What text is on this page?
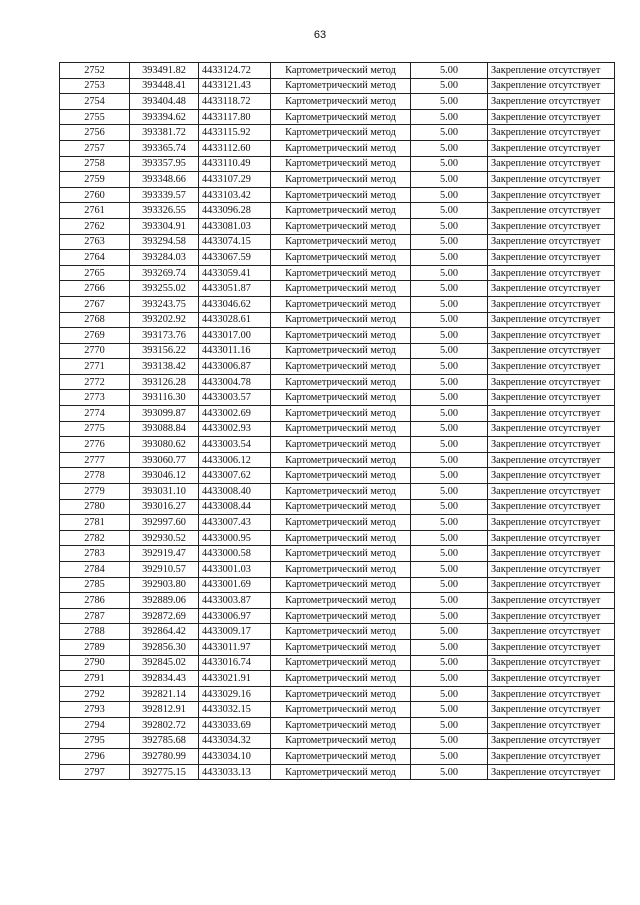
63
2752	393491.82	4433124.72	Картометрический метод	5.00	Закрепление отсутствует
2753	393448.41	4433121.43	Картометрический метод	5.00	Закрепление отсутствует
2754	393404.48	4433118.72	Картометрический метод	5.00	Закрепление отсутствует
2755	393394.62	4433117.80	Картометрический метод	5.00	Закрепление отсутствует
2756	393381.72	4433115.92	Картометрический метод	5.00	Закрепление отсутствует
2757	393365.74	4433112.60	Картометрический метод	5.00	Закрепление отсутствует
2758	393357.95	4433110.49	Картометрический метод	5.00	Закрепление отсутствует
2759	393348.66	4433107.29	Картометрический метод	5.00	Закрепление отсутствует
2760	393339.57	4433103.42	Картометрический метод	5.00	Закрепление отсутствует
2761	393326.55	4433096.28	Картометрический метод	5.00	Закрепление отсутствует
2762	393304.91	4433081.03	Картометрический метод	5.00	Закрепление отсутствует
2763	393294.58	4433074.15	Картометрический метод	5.00	Закрепление отсутствует
2764	393284.03	4433067.59	Картометрический метод	5.00	Закрепление отсутствует
2765	393269.74	4433059.41	Картометрический метод	5.00	Закрепление отсутствует
2766	393255.02	4433051.87	Картометрический метод	5.00	Закрепление отсутствует
2767	393243.75	4433046.62	Картометрический метод	5.00	Закрепление отсутствует
2768	393202.92	4433028.61	Картометрический метод	5.00	Закрепление отсутствует
2769	393173.76	4433017.00	Картометрический метод	5.00	Закрепление отсутствует
2770	393156.22	4433011.16	Картометрический метод	5.00	Закрепление отсутствует
2771	393138.42	4433006.87	Картометрический метод	5.00	Закрепление отсутствует
2772	393126.28	4433004.78	Картометрический метод	5.00	Закрепление отсутствует
2773	393116.30	4433003.57	Картометрический метод	5.00	Закрепление отсутствует
2774	393099.87	4433002.69	Картометрический метод	5.00	Закрепление отсутствует
2775	393088.84	4433002.93	Картометрический метод	5.00	Закрепление отсутствует
2776	393080.62	4433003.54	Картометрический метод	5.00	Закрепление отсутствует
2777	393060.77	4433006.12	Картометрический метод	5.00	Закрепление отсутствует
2778	393046.12	4433007.62	Картометрический метод	5.00	Закрепление отсутствует
2779	393031.10	4433008.40	Картометрический метод	5.00	Закрепление отсутствует
2780	393016.27	4433008.44	Картометрический метод	5.00	Закрепление отсутствует
2781	392997.60	4433007.43	Картометрический метод	5.00	Закрепление отсутствует
2782	392930.52	4433000.95	Картометрический метод	5.00	Закрепление отсутствует
2783	392919.47	4433000.58	Картометрический метод	5.00	Закрепление отсутствует
2784	392910.57	4433001.03	Картометрический метод	5.00	Закрепление отсутствует
2785	392903.80	4433001.69	Картометрический метод	5.00	Закрепление отсутствует
2786	392889.06	4433003.87	Картометрический метод	5.00	Закрепление отсутствует
2787	392872.69	4433006.97	Картометрический метод	5.00	Закрепление отсутствует
2788	392864.42	4433009.17	Картометрический метод	5.00	Закрепление отсутствует
2789	392856.30	4433011.97	Картометрический метод	5.00	Закрепление отсутствует
2790	392845.02	4433016.74	Картометрический метод	5.00	Закрепление отсутствует
2791	392834.43	4433021.91	Картометрический метод	5.00	Закрепление отсутствует
2792	392821.14	4433029.16	Картометрический метод	5.00	Закрепление отсутствует
2793	392812.91	4433032.15	Картометрический метод	5.00	Закрепление отсутствует
2794	392802.72	4433033.69	Картометрический метод	5.00	Закрепление отсутствует
2795	392785.68	4433034.32	Картометрический метод	5.00	Закрепление отсутствует
2796	392780.99	4433034.10	Картометрический метод	5.00	Закрепление отсутствует
2797	392775.15	4433033.13	Картометрический метод	5.00	Закрепление отсутствует
